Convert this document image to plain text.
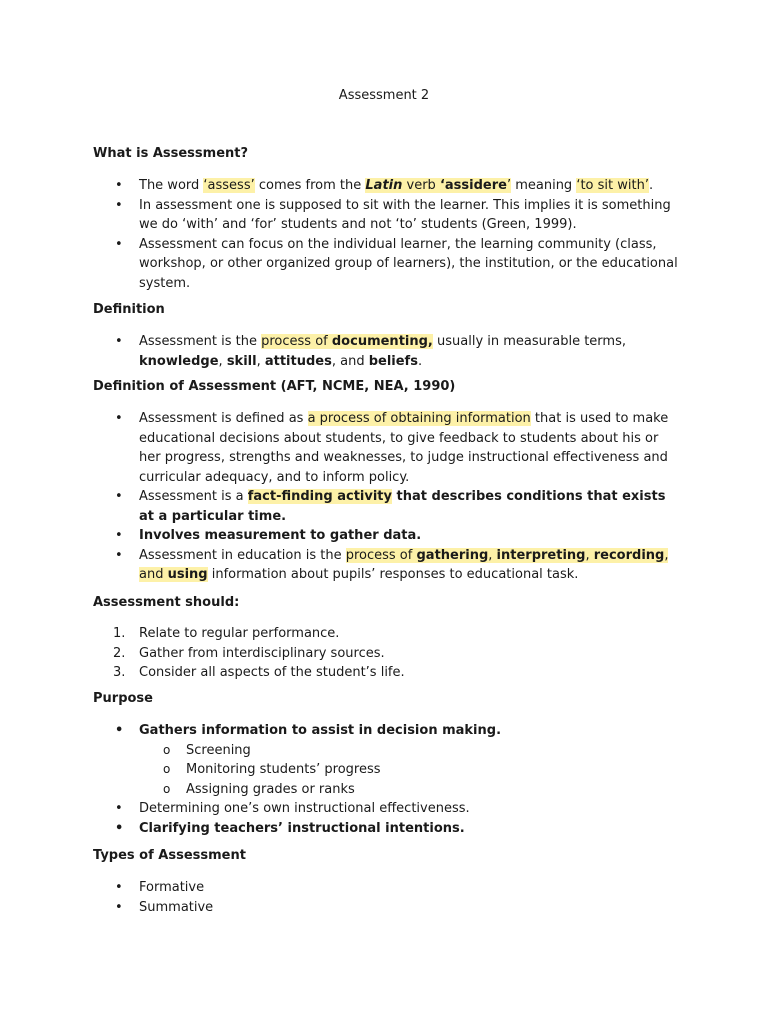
Assessment 2
What is Assessment?
• The word ‘assess’ comes from the Latin verb ‘assidere’ meaning ‘to sit with’.
• In assessment one is supposed to sit with the learner. This implies it is something we do ‘with’ and ‘for’ students and not ‘to’ students (Green, 1999).
• Assessment can focus on the individual learner, the learning community (class, workshop, or other organized group of learners), the institution, or the educational system.
Definition
• Assessment is the process of documenting, usually in measurable terms, knowledge, skill, attitudes, and beliefs.
Definition of Assessment (AFT, NCME, NEA, 1990)
• Assessment is defined as a process of obtaining information that is used to make educational decisions about students, to give feedback to students about his or her progress, strengths and weaknesses, to judge instructional effectiveness and curricular adequacy, and to inform policy.
• Assessment is a fact-finding activity that describes conditions that exists at a particular time.
• Involves measurement to gather data.
• Assessment in education is the process of gathering, interpreting, recording, and using information about pupils’ responses to educational task.
Assessment should:
1. Relate to regular performance.
2. Gather from interdisciplinary sources.
3. Consider all aspects of the student’s life.
Purpose
• Gathers information to assist in decision making.
o Screening
o Monitoring students’ progress
o Assigning grades or ranks
• Determining one’s own instructional effectiveness.
• Clarifying teachers’ instructional intentions.
Types of Assessment
• Formative
• Summative
